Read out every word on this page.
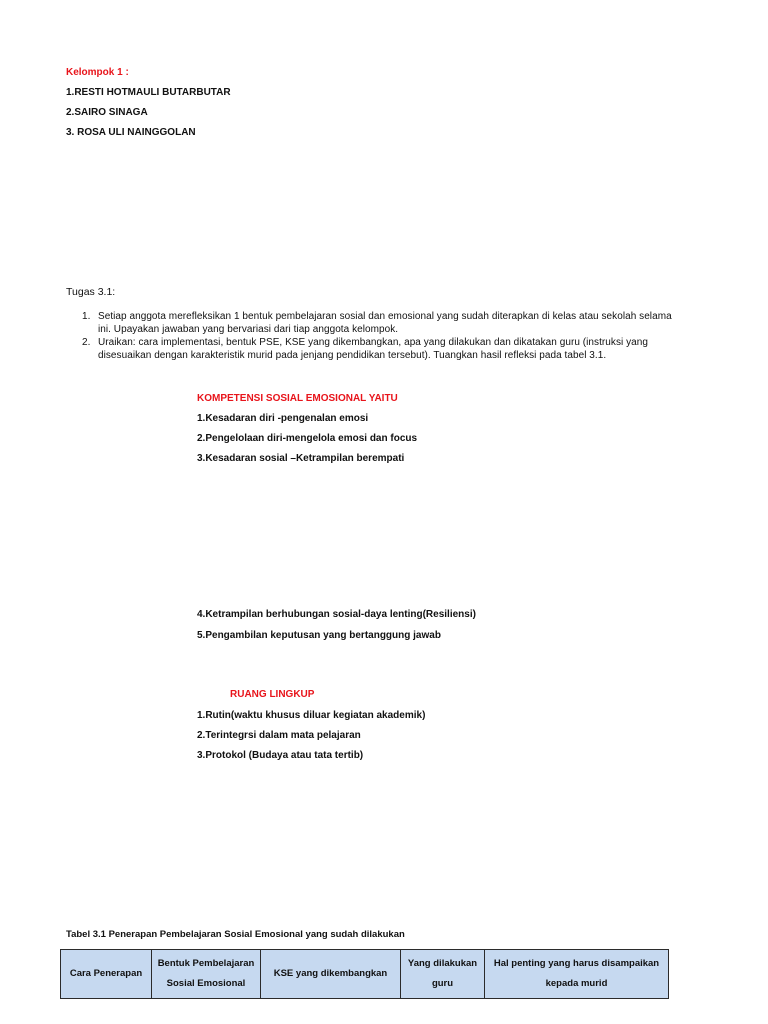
Kelompok 1 :
1.RESTI HOTMAULI BUTARBUTAR
2.SAIRO SINAGA
3. ROSA ULI NAINGGOLAN
Tugas 3.1:
1. Setiap anggota merefleksikan 1 bentuk pembelajaran sosial dan emosional yang sudah diterapkan di kelas atau sekolah selama
ini. Upayakan jawaban yang bervariasi dari tiap anggota kelompok.
2. Uraikan: cara implementasi, bentuk PSE, KSE yang dikembangkan, apa yang dilakukan dan dikatakan guru (instruksi yang
disesuaikan dengan karakteristik murid pada jenjang pendidikan tersebut). Tuangkan hasil refleksi pada tabel 3.1.
KOMPETENSI SOSIAL EMOSIONAL YAITU
1.Kesadaran diri -pengenalan emosi
2.Pengelolaan diri-mengelola emosi dan focus
3.Kesadaran sosial –Ketrampilan berempati
4.Ketrampilan berhubungan sosial-daya lenting(Resiliensi)
5.Pengambilan keputusan yang bertanggung jawab
RUANG LINGKUP
1.Rutin(waktu khusus diluar kegiatan akademik)
2.Terintegrsi dalam mata pelajaran
3.Protokol (Budaya atau tata tertib)
Tabel 3.1 Penerapan Pembelajaran Sosial Emosional yang sudah dilakukan
Cara Penerapan

Bentuk Pembelajaran
Sosial Emosional

KSE yang dikembangkan

Yang dilakukan
guru

Hal penting yang harus disampaikan
kepada murid
